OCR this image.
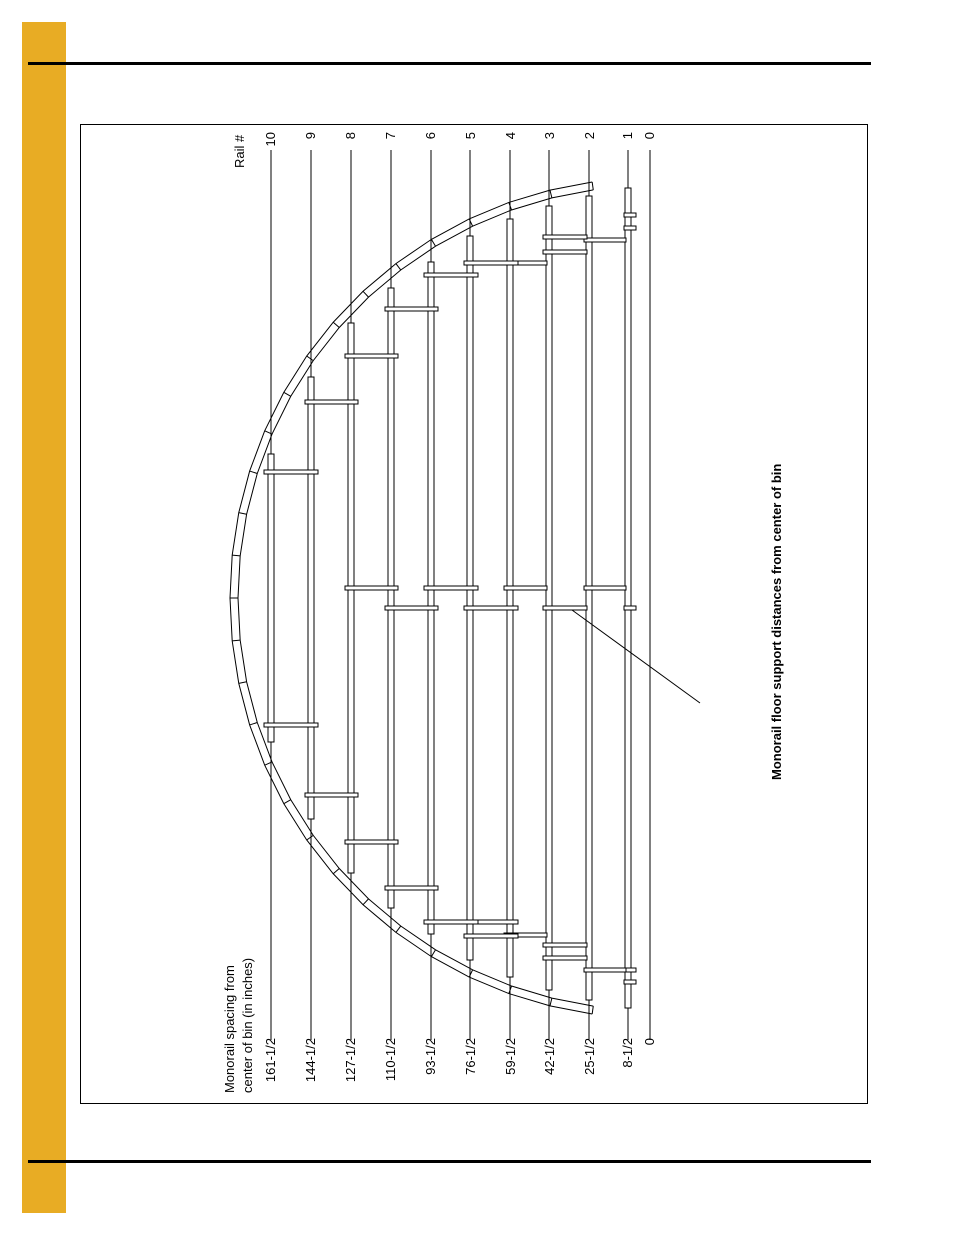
Rail #
Monorail spacing from center of bin (in inches)
Monorail floor support distances from center of bin
10 9 8 7 6 5 4 3 2 1 0
161-1/2 144-1/2 127-1/2 110-1/2 93-1/2 76-1/2 59-1/2 42-1/2 25-1/2 8-1/2 0
